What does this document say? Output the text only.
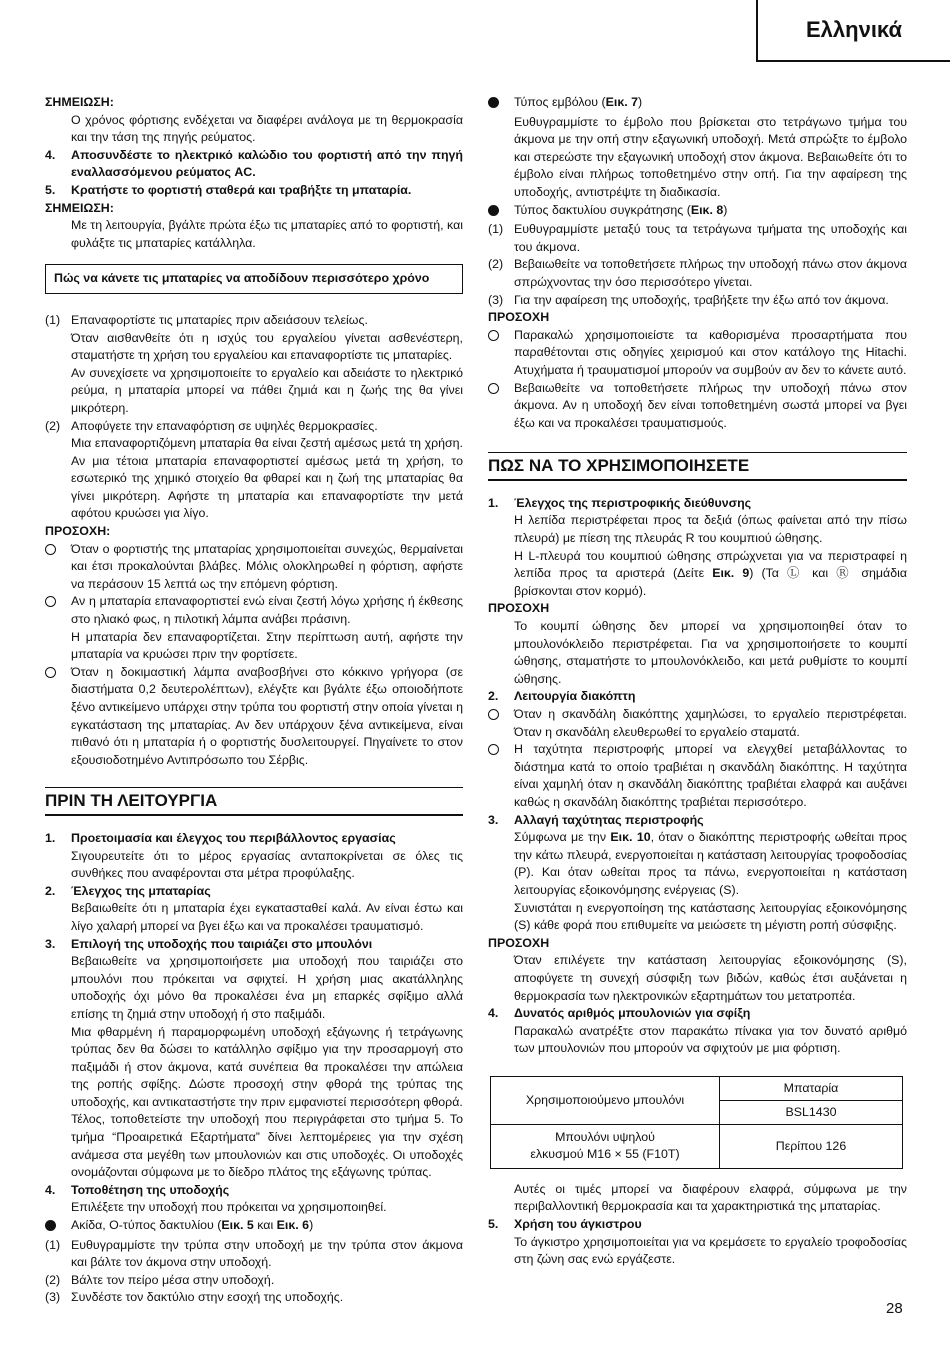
Ελληνικά
ΣΗΜΕΙΩΣΗ:
Ο χρόνος φόρτισης ενδέχεται να διαφέρει ανάλογα με τη θερμοκρασία και την τάση της πηγής ρεύματος.
4.	Αποσυνδέστε το ηλεκτρικό καλώδιο του φορτιστή από την πηγή εναλλασσόμενου ρεύματος AC.
5.	Κρατήστε το φορτιστή σταθερά και τραβήξτε τη μπαταρία.
ΣΗΜΕΙΩΣΗ:
Με τη λειτουργία, βγάλτε πρώτα έξω τις μπαταρίες από το φορτιστή, και φυλάξτε τις μπαταρίες κατάλληλα.
Πώς να κάνετε τις μπαταρίες να αποδίδουν περισσότερο χρόνο
(1) Επαναφορτίστε τις μπαταρίες πριν αδειάσουν τελείως.
Όταν αισθανθείτε ότι η ισχύς του εργαλείου γίνεται ασθενέστερη, σταματήστε τη χρήση του εργαλείου και επαναφορτίστε τις μπαταρίες.
Αν συνεχίσετε να χρησιμοποιείτε το εργαλείο και αδειάστε το ηλεκτρικό ρεύμα, η μπαταρία μπορεί να πάθει ζημιά και η ζωής της θα γίνει μικρότερη.
(2) Αποφύγετε την επαναφόρτιση σε υψηλές θερμοκρασίες.
Μια επαναφορτιζόμενη μπαταρία θα είναι ζεστή αμέσως μετά τη χρήση. Αν μια τέτοια μπαταρία επαναφορτιστεί αμέσως μετά τη χρήση, το εσωτερικό της χημικό στοιχείο θα φθαρεί και η ζωή της μπαταρίας θα γίνει μικρότερη. Αφήστε τη μπαταρία και επαναφορτίστε την μετά αφότου κρυώσει για λίγο.
ΠΡΟΣΟΧΗ:
Όταν ο φορτιστής της μπαταρίας χρησιμοποιείται συνεχώς, θερμαίνεται και έτσι προκαλούνται βλάβες. Μόλις ολοκληρωθεί η φόρτιση, αφήστε να περάσουν 15 λεπτά ως την επόμενη φόρτιση.
Αν η μπαταρία επαναφορτιστεί ενώ είναι ζεστή λόγω χρήσης ή έκθεσης στο ηλιακό φως, η πιλοτική λάμπα ανάβει πράσινη.
Η μπαταρία δεν επαναφορτίζεται. Στην περίπτωση αυτή, αφήστε την μπαταρία να κρυώσει πριν την φορτίσετε.
Όταν η δοκιμαστική λάμπα αναβοσβήνει στο κόκκινο γρήγορα (σε διαστήματα 0,2 δευτερολέπτων), ελέγξτε και βγάλτε έξω οποιοδήποτε ξένο αντικείμενο υπάρχει στην τρύπα του φορτιστή στην οποία γίνεται η εγκατάσταση της μπαταρίας. Αν δεν υπάρχουν ξένα αντικείμενα, είναι πιθανό ότι η μπαταρία ή ο φορτιστής δυσλειτουργεί. Πηγαίνετε το στον εξουσιοδοτημένο Αντιπρόσωπο του Σέρβις.
ΠΡΙΝ ΤΗ ΛΕΙΤΟΥΡΓΙΑ
1.	Προετοιμασία και έλεγχος του περιβάλλοντος εργασίας
Σιγουρευτείτε ότι το μέρος εργασίας ανταποκρίνεται σε όλες τις συνθήκες που αναφέρονται στα μέτρα προφύλαξης.
2.	Έλεγχος της μπαταρίας
Βεβαιωθείτε ότι η μπαταρία έχει εγκατασταθεί καλά. Αν είναι έστω και λίγο χαλαρή μπορεί να βγει έξω και να προκαλέσει τραυματισμό.
3.	Επιλογή της υποδοχής που ταιριάζει στο μπουλόνι
Βεβαιωθείτε να χρησιμοποιήσετε μια υποδοχή που ταιριάζει στο μπουλόνι που πρόκειται να σφιχτεί. Η χρήση μιας ακατάλληλης υποδοχής όχι μόνο θα προκαλέσει ένα μη επαρκές σφίξιμο αλλά επίσης τη ζημιά στην υποδοχή ή στο παξιμάδι.
Μια φθαρμένη ή παραμορφωμένη υποδοχή εξάγωνης ή τετράγωνης τρύπας δεν θα δώσει το κατάλληλο σφίξιμο για την προσαρμογή στο παξιμάδι ή στον άκμονα, κατά συνέπεια θα προκαλέσει την απώλεια της ροπής σφίξης. Δώστε προσοχή στην φθορά της τρύπας της υποδοχής, και αντικαταστήστε την πριν εμφανιστεί περισσότερη φθορά.
Τέλος, τοποθετείστε την υποδοχή που περιγράφεται στο τμήμα 5. Το τμήμα “Προαιρετικά Εξαρτήματα” δίνει λεπτομέρειες για την σχέση ανάμεσα στα μεγέθη των μπουλονιών και στις υποδοχές. Οι υποδοχές ονομάζονται σύμφωνα με το δίεδρο πλάτος της εξάγωνης τρύπας.
4.	Τοποθέτηση της υποδοχής
Επιλέξετε την υποδοχή που πρόκειται να χρησιμοποιηθεί.
Ακίδα, Ο-τύπος δακτυλίου (Εικ. 5 και Εικ. 6)
(1) Ευθυγραμμίστε την τρύπα στην υποδοχή με την τρύπα στον άκμονα και βάλτε τον άκμονα στην υποδοχή.
(2) Βάλτε τον πείρο μέσα στην υποδοχή.
(3) Συνδέστε τον δακτύλιο στην εσοχή της υποδοχής.
Τύπος εμβόλου (Εικ. 7)
Ευθυγραμμίστε το έμβολο που βρίσκεται στο τετράγωνο τμήμα του άκμονα με την οπή στην εξαγωνική υποδοχή. Μετά σπρώξτε το έμβολο και στερεώστε την εξαγωνική υποδοχή στον άκμονα. Βεβαιωθείτε ότι το έμβολο είναι πλήρως τοποθετημένο στην οπή. Για την αφαίρεση της υποδοχής, αντιστρέψτε τη διαδικασία.
Τύπος δακτυλίου συγκράτησης (Εικ. 8)
(1) Ευθυγραμμίστε μεταξύ τους τα τετράγωνα τμήματα της υποδοχής και του άκμονα.
(2) Βεβαιωθείτε να τοποθετήσετε πλήρως την υποδοχή πάνω στον άκμονα σπρώχνοντας την όσο περισσότερο γίνεται.
(3) Για την αφαίρεση της υποδοχής, τραβήξετε την έξω από τον άκμονα.
ΠΡΟΣΟΧΗ
Παρακαλώ χρησιμοποιείστε τα καθορισμένα προσαρτήματα που παραθέτονται στις οδηγίες χειρισμού και στον κατάλογο της Hitachi. Ατυχήματα ή τραυματισμοί μπορούν να συμβούν αν δεν το κάνετε αυτό.
Βεβαιωθείτε να τοποθετήσετε πλήρως την υποδοχή πάνω στον άκμονα. Αν η υποδοχή δεν είναι τοποθετημένη σωστά μπορεί να βγει έξω και να προκαλέσει τραυματισμούς.
ΠΩΣ ΝΑ ΤΟ ΧΡΗΣΙΜΟΠΟΙΗΣΕΤΕ
1.	Έλεγχος της περιστροφικής διεύθυνσης
Η λεπίδα περιστρέφεται προς τα δεξιά (όπως φαίνεται από την πίσω πλευρά) με πίεση της πλευράς R του κουμπιού ώθησης.
Η L-πλευρά του κουμπιού ώθησης σπρώχνεται για να περιστραφεί η λεπίδα προς τα αριστερά (Δείτε Εικ. 9) (Τα Ⓛ και Ⓡ σημάδια βρίσκονται στον κορμό).
ΠΡΟΣΟΧΗ
Το κουμπί ώθησης δεν μπορεί να χρησιμοποιηθεί όταν το μπουλονόκλειδο περιστρέφεται. Για να χρησιμοποιήσετε το κουμπί ώθησης, σταματήστε το μπουλονόκλειδο, και μετά ρυθμίστε το κουμπί ώθησης.
2.	Λειτουργία διακόπτη
Όταν η σκανδάλη διακόπτης χαμηλώσει, το εργαλείο περιστρέφεται. Όταν η σκανδάλη ελευθερωθεί το εργαλείο σταματά.
Η ταχύτητα περιστροφής μπορεί να ελεγχθεί μεταβάλλοντας το διάστημα κατά το οποίο τραβιέται η σκανδάλη διακόπτης. Η ταχύτητα είναι χαμηλή όταν η σκανδάλη διακόπτης τραβιέται ελαφρά και αυξάνει καθώς η σκανδάλη διακόπτης τραβιέται περισσότερο.
3.	Αλλαγή ταχύτητας περιστροφής
Σύμφωνα με την Εικ. 10, όταν ο διακόπτης περιστροφής ωθείται προς την κάτω πλευρά, ενεργοποιείται η κατάσταση λειτουργίας τροφοδοσίας (P). Και όταν ωθείται προς τα πάνω, ενεργοποιείται η κατάσταση λειτουργίας εξοικονόμησης ενέργειας (S).
Συνιστάται η ενεργοποίηση της κατάστασης λειτουργίας εξοικονόμησης (S) κάθε φορά που επιθυμείτε να μειώσετε τη μέγιστη ροπή σύσφιξης.
ΠΡΟΣΟΧΗ
Όταν επιλέγετε την κατάσταση λειτουργίας εξοικονόμησης (S), αποφύγετε τη συνεχή σύσφιξη των βιδών, καθώς έτσι αυξάνεται η θερμοκρασία των ηλεκτρονικών εξαρτημάτων του μετατροπέα.
4.	Δυνατός αριθμός μπουλονιών για σφίξη
Παρακαλώ ανατρέξτε στον παρακάτω πίνακα για τον δυνατό αριθμό των μπουλονιών που μπορούν να σφιχτούν με μια φόρτιση.
Χρησιμοποιούμενο μπουλόνι	Μπαταρία
	BSL1430

Μπουλόνι υψηλού
ελκυσμού M16 × 55 (F10T)	Περίπου 126
Αυτές οι τιμές μπορεί να διαφέρουν ελαφρά, σύμφωνα με την περιβαλλοντική θερμοκρασία και τα χαρακτηριστικά της μπαταρίας.
5.	Χρήση του άγκιστρου
Το άγκιστρο χρησιμοποιείται για να κρεμάσετε το εργαλείο τροφοδοσίας στη ζώνη σας ενώ εργάζεστε.
28
